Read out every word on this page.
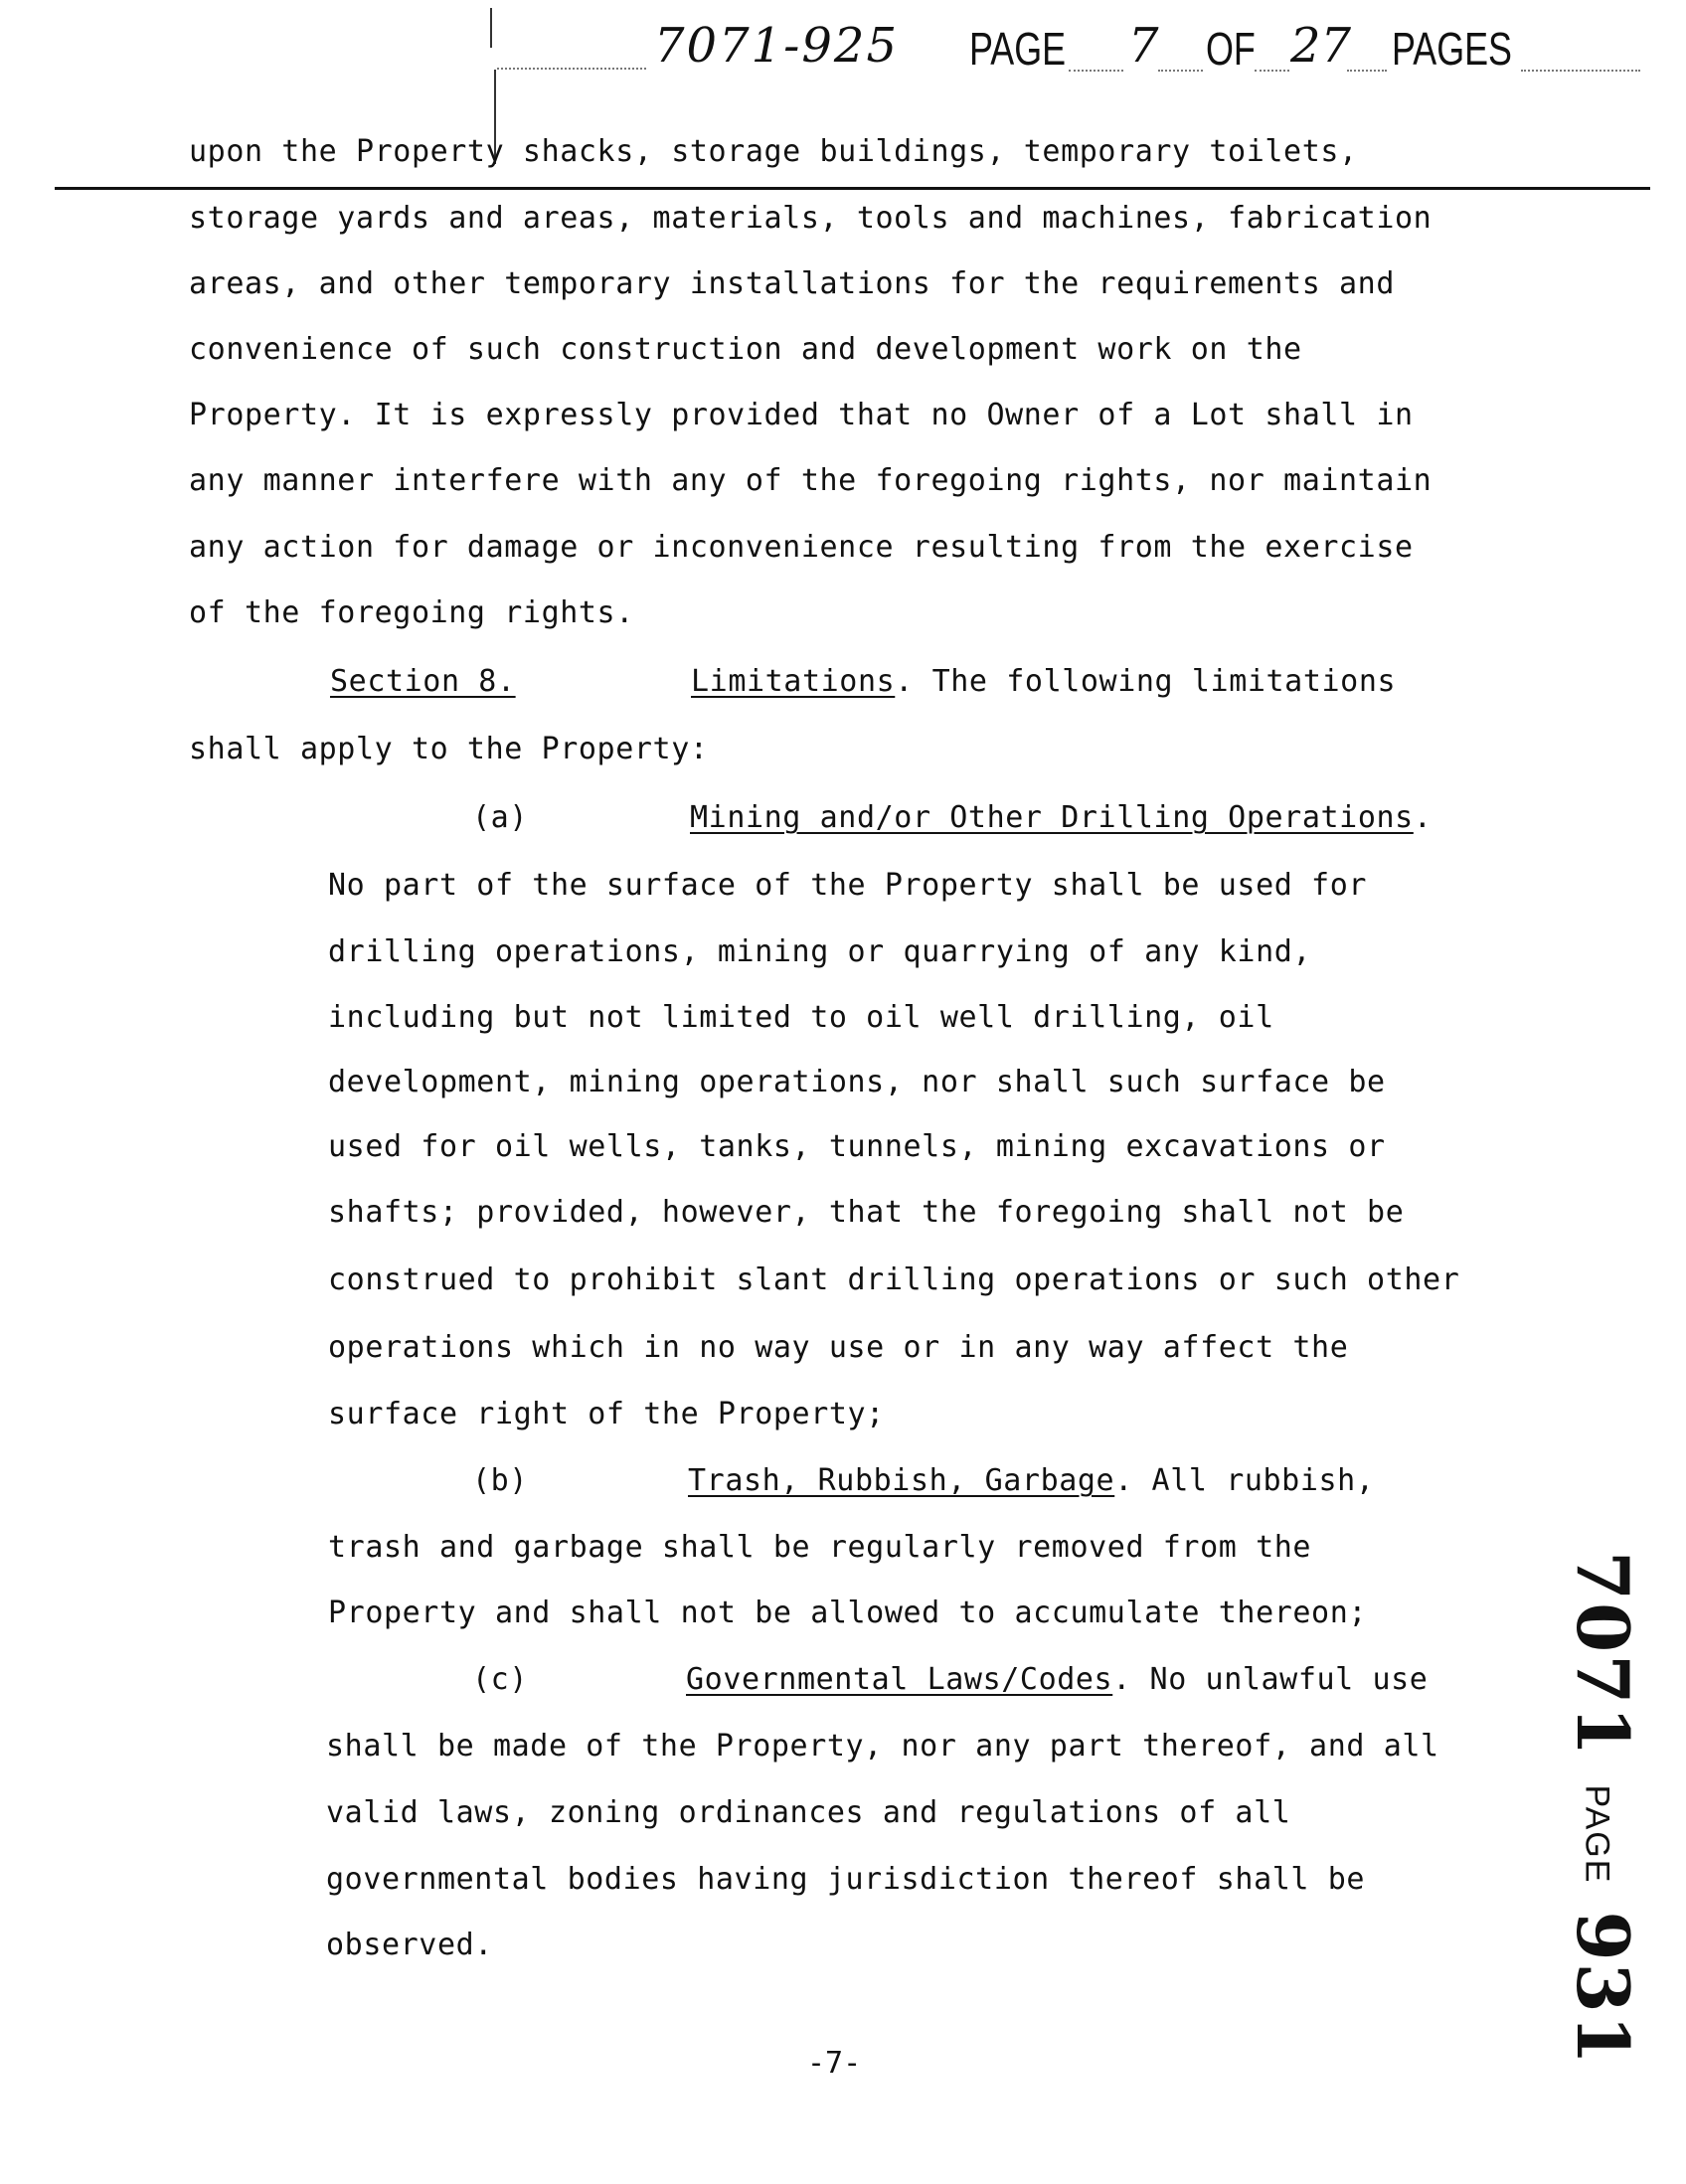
7071-925 PAGE 7 OF 27 PAGES
upon the Property shacks, storage buildings, temporary toilets,
storage yards and areas, materials, tools and machines, fabrication
areas, and other temporary installations for the requirements and
convenience of such construction and development work on the
Property. It is expressly provided that no Owner of a Lot shall in
any manner interfere with any of the foregoing rights, nor maintain
any action for damage or inconvenience resulting from the exercise
of the foregoing rights.
Section 8.	Limitations. The following limitations
shall apply to the Property:
(a)	Mining and/or Other Drilling Operations.
No part of the surface of the Property shall be used for
drilling operations, mining or quarrying of any kind,
including but not limited to oil well drilling, oil
development, mining operations, nor shall such surface be
used for oil wells, tanks, tunnels, mining excavations or
shafts; provided, however, that the foregoing shall not be
construed to prohibit slant drilling operations or such other
operations which in no way use or in any way affect the
surface right of the Property;
(b)	Trash, Rubbish, Garbage. All rubbish,
trash and garbage shall be regularly removed from the
Property and shall not be allowed to accumulate thereon;
(c)	Governmental Laws/Codes. No unlawful use
shall be made of the Property, nor any part thereof, and all
valid laws, zoning ordinances and regulations of all
governmental bodies having jurisdiction thereof shall be
observed.
7071 PAGE 931
-7-
